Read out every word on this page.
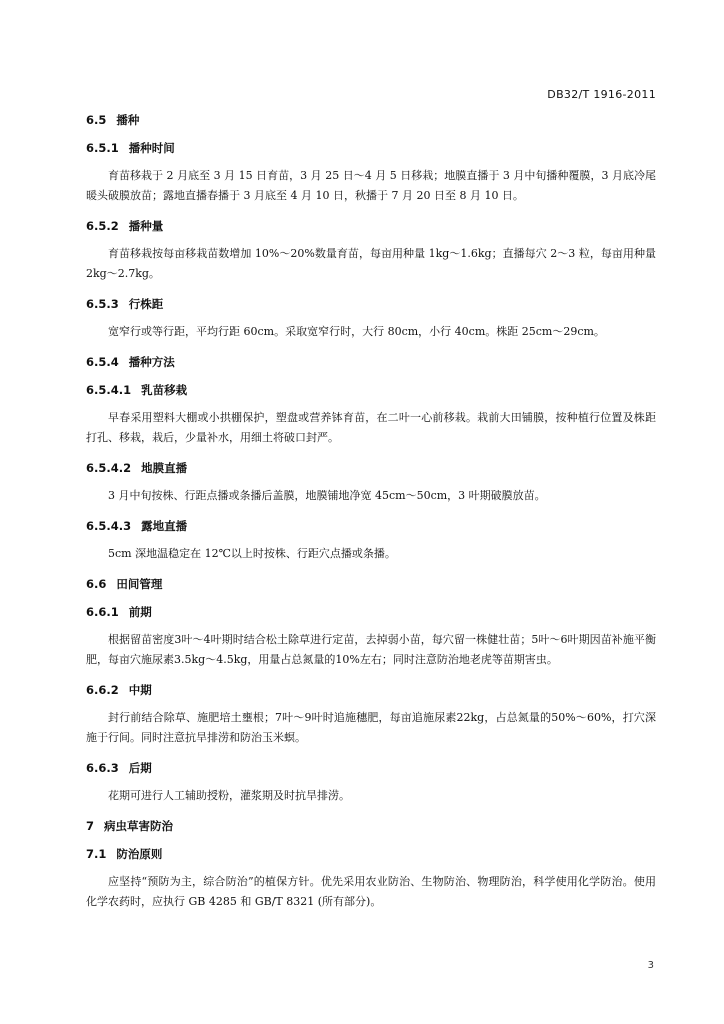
DB32/T 1916-2011
6.5 播种
6.5.1 播种时间

育苗移栽于 2 月底至 3 月 15 日育苗，3 月 25 日～4 月 5 日移栽；地膜直播于 3 月中旬播种覆膜，3 月底冷尾暖头破膜放苗；露地直播春播于 3 月底至 4 月 10 日，秋播于 7 月 20 日至 8 月 10 日。

6.5.2 播种量

育苗移栽按每亩移栽苗数增加 10%～20%数量育苗，每亩用种量 1kg～1.6kg；直播每穴 2～3 粒，每亩用种量 2kg～2.7kg。

6.5.3 行株距

宽窄行或等行距，平均行距 60cm。采取宽窄行时，大行 80cm，小行 40cm。株距 25cm～29cm。

6.5.4 播种方法
6.5.4.1 乳苗移栽

早春采用塑料大棚或小拱棚保护，塑盘或营养钵育苗，在二叶一心前移栽。栽前大田铺膜，按种植行位置及株距打孔、移栽，栽后，少量补水，用细土将破口封严。

6.5.4.2 地膜直播

3 月中旬按株、行距点播或条播后盖膜，地膜铺地净宽 45cm～50cm，3 叶期破膜放苗。

6.5.4.3 露地直播

5cm 深地温稳定在 12℃以上时按株、行距穴点播或条播。

6.6 田间管理
6.6.1 前期

根据留苗密度3叶～4叶期时结合松土除草进行定苗，去掉弱小苗，每穴留一株健壮苗；5叶～6叶期因苗补施平衡肥，每亩穴施尿素3.5kg～4.5kg，用量占总氮量的10%左右；同时注意防治地老虎等苗期害虫。

6.6.2 中期

封行前结合除草、施肥培土壅根；7叶～9叶时追施穗肥，每亩追施尿素22kg，占总氮量的50%～60%，打穴深施于行间。同时注意抗旱排涝和防治玉米螟。

6.6.3 后期

花期可进行人工辅助授粉，灌浆期及时抗旱排涝。

7 病虫草害防治
7.1 防治原则

应坚持“预防为主，综合防治”的植保方针。优先采用农业防治、生物防治、物理防治，科学使用化学防治。使用化学农药时，应执行 GB 4285 和 GB/T 8321 (所有部分)。

3
